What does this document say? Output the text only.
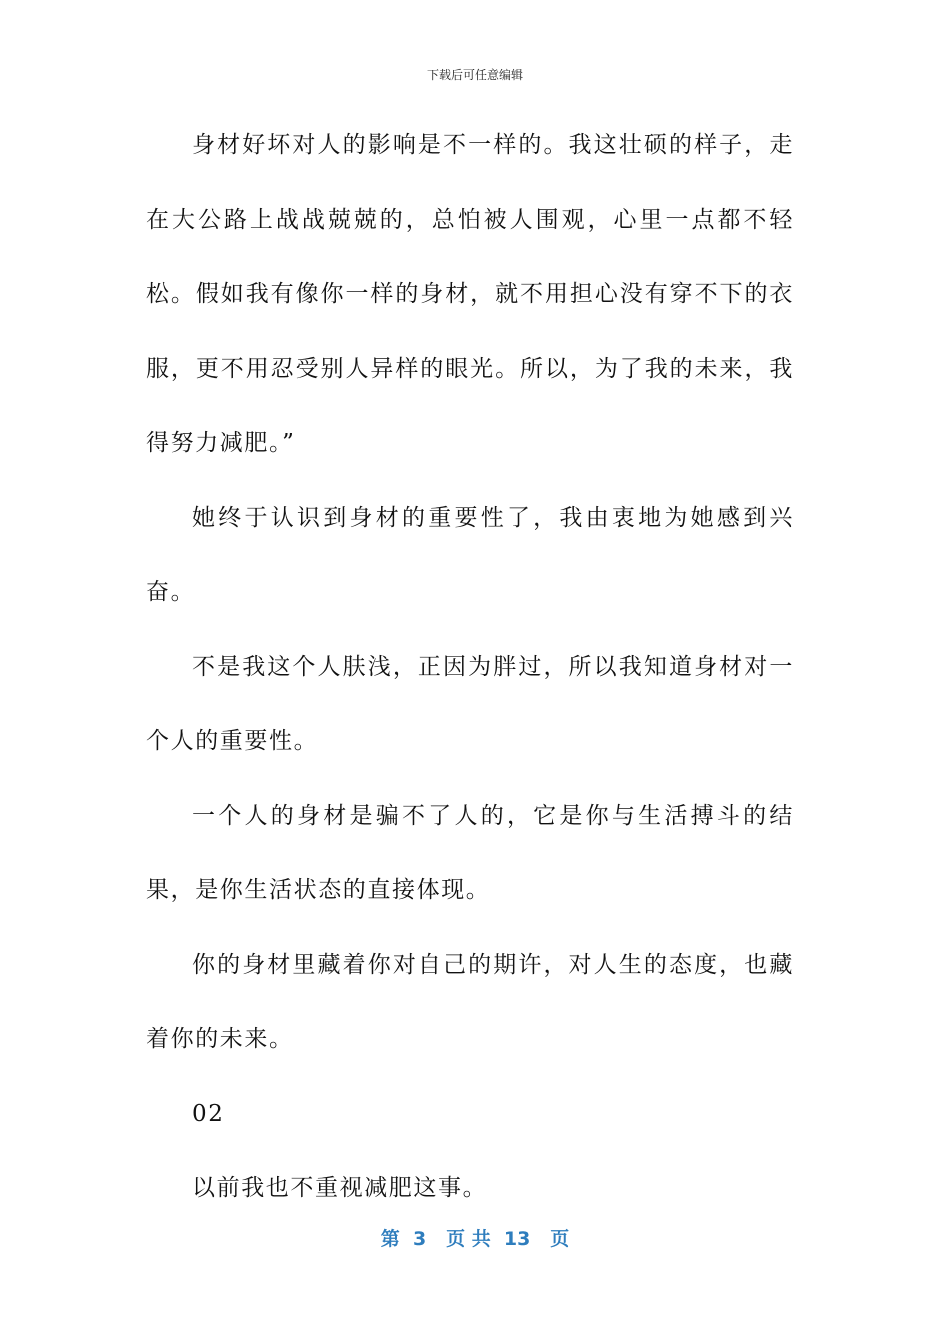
下载后可任意编辑

身材好坏对人的影响是不一样的。我这壮硕的样子，走在大公路上战战兢兢的，总怕被人围观，心里一点都不轻松。假如我有像你一样的身材，就不用担心没有穿不下的衣服，更不用忍受别人异样的眼光。所以，为了我的未来，我得努力减肥。”

她终于认识到身材的重要性了，我由衷地为她感到兴奋。

不是我这个人肤浅，正因为胖过，所以我知道身材对一个人的重要性。

一个人的身材是骗不了人的，它是你与生活搏斗的结果，是你生活状态的直接体现。

你的身材里藏着你对自己的期许，对人生的态度，也藏着你的未来。

02

以前我也不重视减肥这事。

第  3   页 共  13   页
